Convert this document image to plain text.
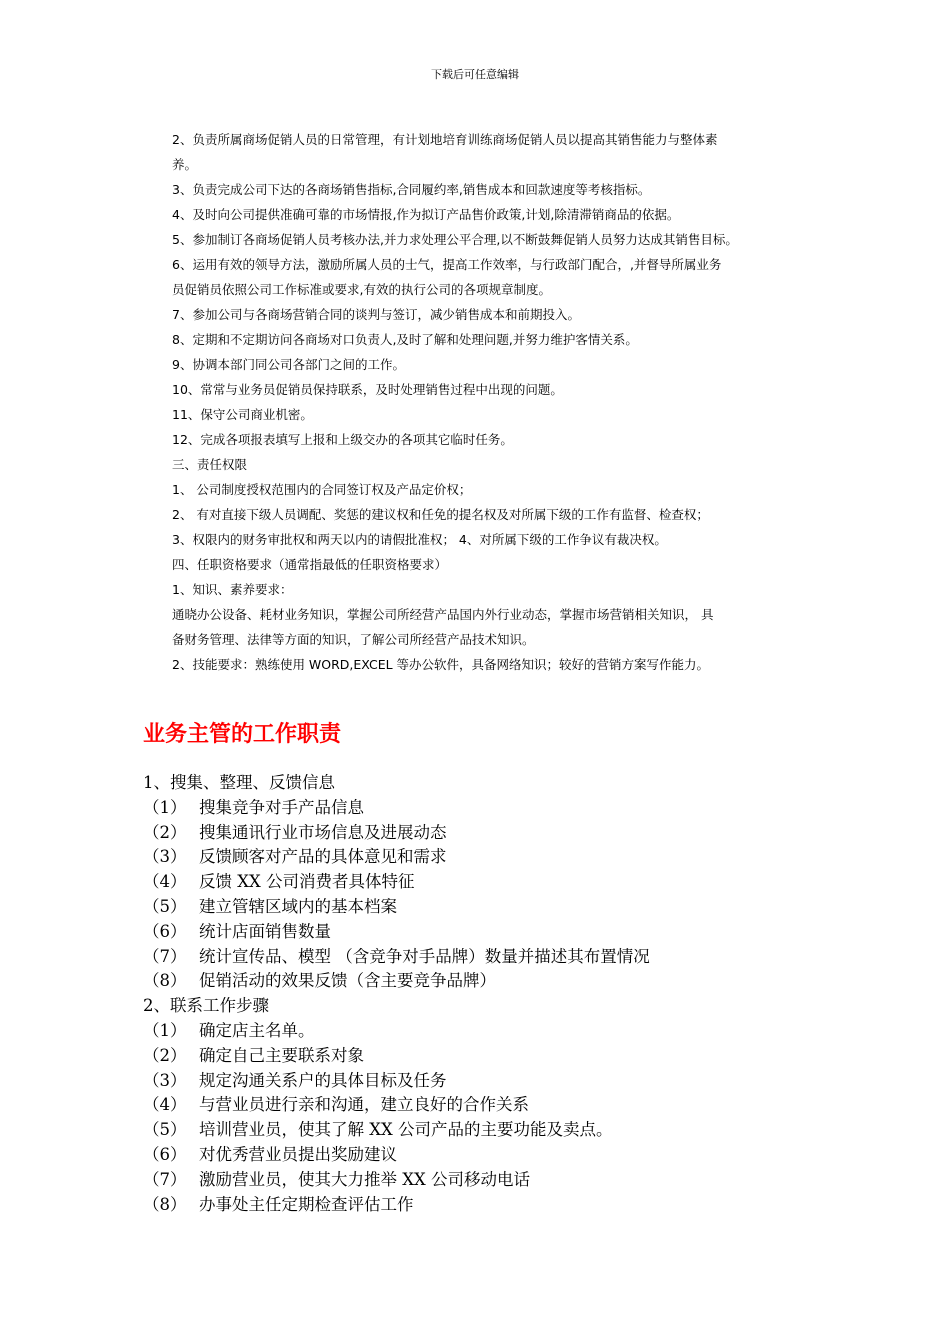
下载后可任意编辑
2、负责所属商场促销人员的日常管理，有计划地培育训练商场促销人员以提高其销售能力与整体素
养。
3、负责完成公司下达的各商场销售指标,合同履约率,销售成本和回款速度等考核指标。
4、及时向公司提供准确可靠的市场情报,作为拟订产品售价政策,计划,除清滞销商品的依据。
5、参加制订各商场促销人员考核办法,并力求处理公平合理,以不断鼓舞促销人员努力达成其销售目标。
6、运用有效的领导方法，激励所属人员的士气，提高工作效率，与行政部门配合，,并督导所属业务
员促销员依照公司工作标准或要求,有效的执行公司的各项规章制度。
7、参加公司与各商场营销合同的谈判与签订，减少销售成本和前期投入。
8、定期和不定期访问各商场对口负责人,及时了解和处理问题,并努力维护客情关系。
9、协调本部门同公司各部门之间的工作。
10、常常与业务员促销员保持联系，及时处理销售过程中出现的问题。
11、保守公司商业机密。
12、完成各项报表填写上报和上级交办的各项其它临时任务。
三、责任权限
1、 公司制度授权范围内的合同签订权及产品定价权；
2、 有对直接下级人员调配、奖惩的建议权和任免的提名权及对所属下级的工作有监督、检查权；
3、权限内的财务审批权和两天以内的请假批准权； 4、对所属下级的工作争议有裁决权。
四、任职资格要求（通常指最低的任职资格要求）
1、知识、素养要求：
通晓办公设备、耗材业务知识，掌握公司所经营产品国内外行业动态，掌握市场营销相关知识， 具
备财务管理、法律等方面的知识，了解公司所经营产品技术知识。
2、技能要求：熟练使用 WORD,EXCEL 等办公软件，具备网络知识；较好的营销方案写作能力。
业务主管的工作职责
1、搜集、整理、反馈信息
（1） 搜集竞争对手产品信息
（2） 搜集通讯行业市场信息及进展动态
（3） 反馈顾客对产品的具体意见和需求
（4） 反馈 XX 公司消费者具体特征
（5） 建立管辖区域内的基本档案
（6） 统计店面销售数量
（7） 统计宣传品、模型 （含竞争对手品牌）数量并描述其布置情况
（8） 促销活动的效果反馈（含主要竞争品牌）
2、联系工作步骤
（1） 确定店主名单。
（2） 确定自己主要联系对象
（3） 规定沟通关系户的具体目标及任务
（4） 与营业员进行亲和沟通，建立良好的合作关系
（5） 培训营业员，使其了解 XX 公司产品的主要功能及卖点。
（6） 对优秀营业员提出奖励建议
（7） 激励营业员，使其大力推举 XX 公司移动电话
（8） 办事处主任定期检查评估工作
